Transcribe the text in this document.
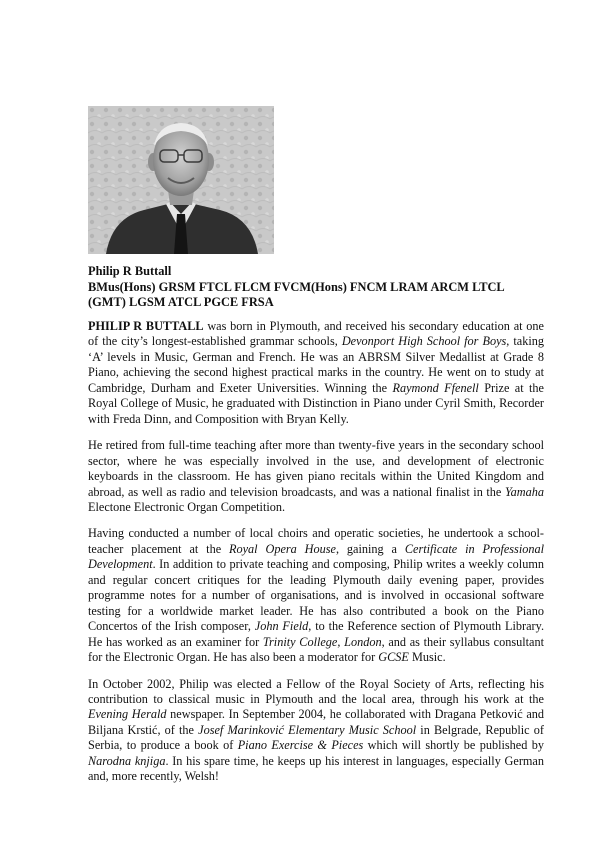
Philip R Buttall
BMus(Hons) GRSM FTCL FLCM FVCM(Hons) FNCM LRAM ARCM LTCL
(GMT) LGSM ATCL PGCE FRSA

PHILIP R BUTTALL was born in Plymouth, and received his secondary education at one of the city’s longest-established grammar schools, Devonport High School for Boys, taking ‘A’ levels in Music, German and French. He was an ABRSM Silver Medallist at Grade 8 Piano, achieving the second highest practical marks in the country. He went on to study at Cambridge, Durham and Exeter Universities. Winning the Raymond Ffenell Prize at the Royal College of Music, he graduated with Distinction in Piano under Cyril Smith, Recorder with Freda Dinn, and Composition with Bryan Kelly.

He retired from full-time teaching after more than twenty-five years in the secondary school sector, where he was especially involved in the use, and development of electronic keyboards in the classroom. He has given piano recitals within the United Kingdom and abroad, as well as radio and television broadcasts, and was a national finalist in the Yamaha Electone Electronic Organ Competition.

Having conducted a number of local choirs and operatic societies, he undertook a school-teacher placement at the Royal Opera House, gaining a Certificate in Professional Development. In addition to private teaching and composing, Philip writes a weekly column and regular concert critiques for the leading Plymouth daily evening paper, provides programme notes for a number of organisations, and is involved in occasional software testing for a worldwide market leader. He has also contributed a book on the Piano Concertos of the Irish composer, John Field, to the Reference section of Plymouth Library. He has worked as an examiner for Trinity College, London, and as their syllabus consultant for the Electronic Organ. He has also been a moderator for GCSE Music.

In October 2002, Philip was elected a Fellow of the Royal Society of Arts, reflecting his contribution to classical music in Plymouth and the local area, through his work at the Evening Herald newspaper. In September 2004, he collaborated with Dragana Petković and Biljana Krstić, of the Josef Marinković Elementary Music School in Belgrade, Republic of Serbia, to produce a book of Piano Exercise & Pieces which will shortly be published by Narodna knjiga. In his spare time, he keeps up his interest in languages, especially German and, more recently, Welsh!
